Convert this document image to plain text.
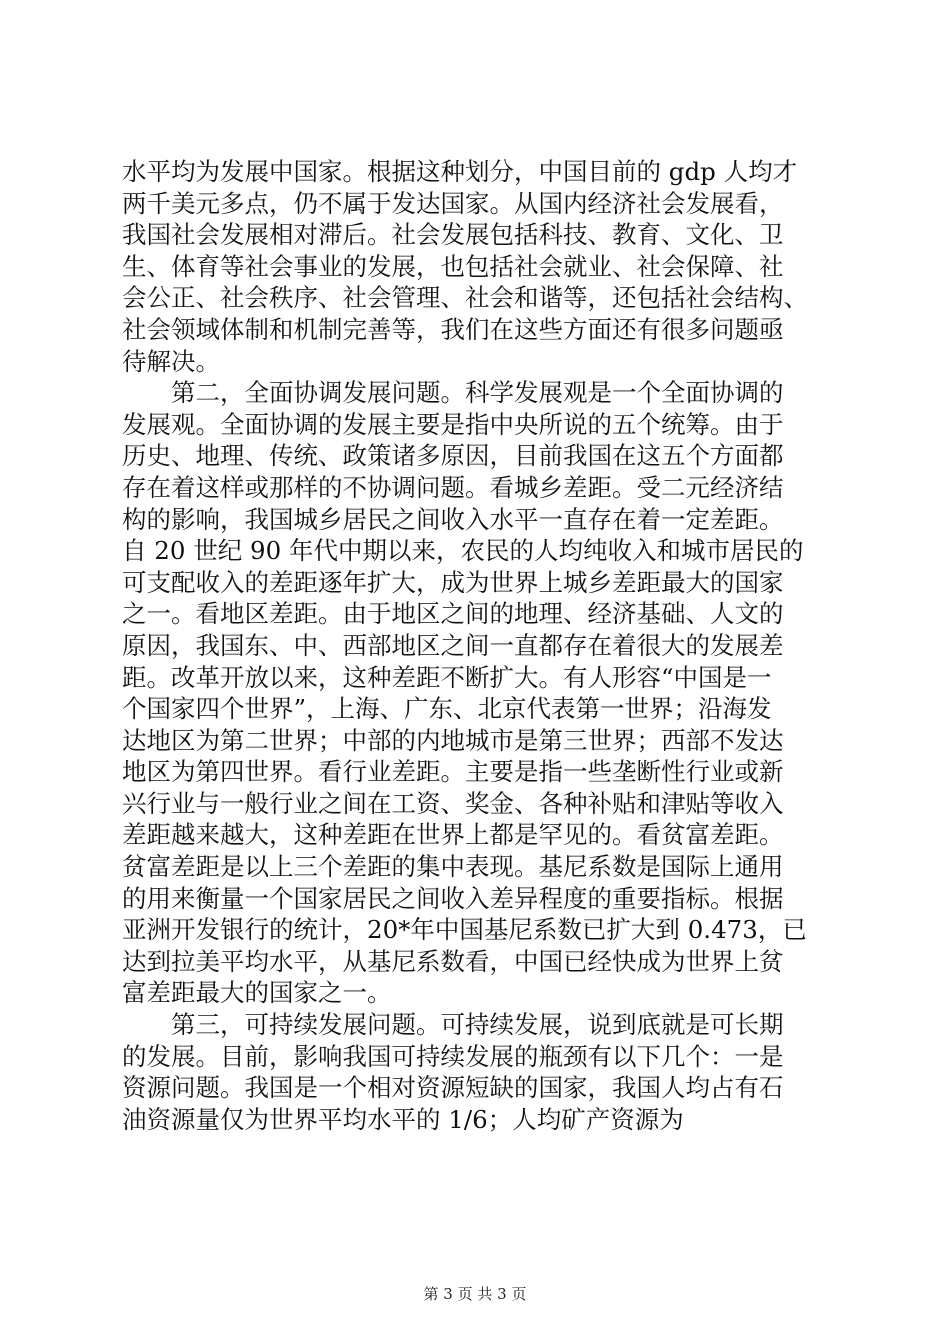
水平均为发展中国家。根据这种划分，中国目前的 gdp 人均才
两千美元多点，仍不属于发达国家。从国内经济社会发展看，
我国社会发展相对滞后。社会发展包括科技、教育、文化、卫
生、体育等社会事业的发展，也包括社会就业、社会保障、社
会公正、社会秩序、社会管理、社会和谐等，还包括社会结构、
社会领域体制和机制完善等，我们在这些方面还有很多问题亟
待解决。
　　第二，全面协调发展问题。科学发展观是一个全面协调的
发展观。全面协调的发展主要是指中央所说的五个统筹。由于
历史、地理、传统、政策诸多原因，目前我国在这五个方面都
存在着这样或那样的不协调问题。看城乡差距。受二元经济结
构的影响，我国城乡居民之间收入水平一直存在着一定差距。
自 20 世纪 90 年代中期以来，农民的人均纯收入和城市居民的
可支配收入的差距逐年扩大，成为世界上城乡差距最大的国家
之一。看地区差距。由于地区之间的地理、经济基础、人文的
原因，我国东、中、西部地区之间一直都存在着很大的发展差
距。改革开放以来，这种差距不断扩大。有人形容“中国是一
个国家四个世界”，上海、广东、北京代表第一世界；沿海发
达地区为第二世界；中部的内地城市是第三世界；西部不发达
地区为第四世界。看行业差距。主要是指一些垄断性行业或新
兴行业与一般行业之间在工资、奖金、各种补贴和津贴等收入
差距越来越大，这种差距在世界上都是罕见的。看贫富差距。
贫富差距是以上三个差距的集中表现。基尼系数是国际上通用
的用来衡量一个国家居民之间收入差异程度的重要指标。根据
亚洲开发银行的统计，20*年中国基尼系数已扩大到 0.473，已
达到拉美平均水平，从基尼系数看，中国已经快成为世界上贫
富差距最大的国家之一。
　　第三，可持续发展问题。可持续发展，说到底就是可长期
的发展。目前，影响我国可持续发展的瓶颈有以下几个：一是
资源问题。我国是一个相对资源短缺的国家，我国人均占有石
油资源量仅为世界平均水平的 1/6；人均矿产资源为
第 3 页 共 3 页
